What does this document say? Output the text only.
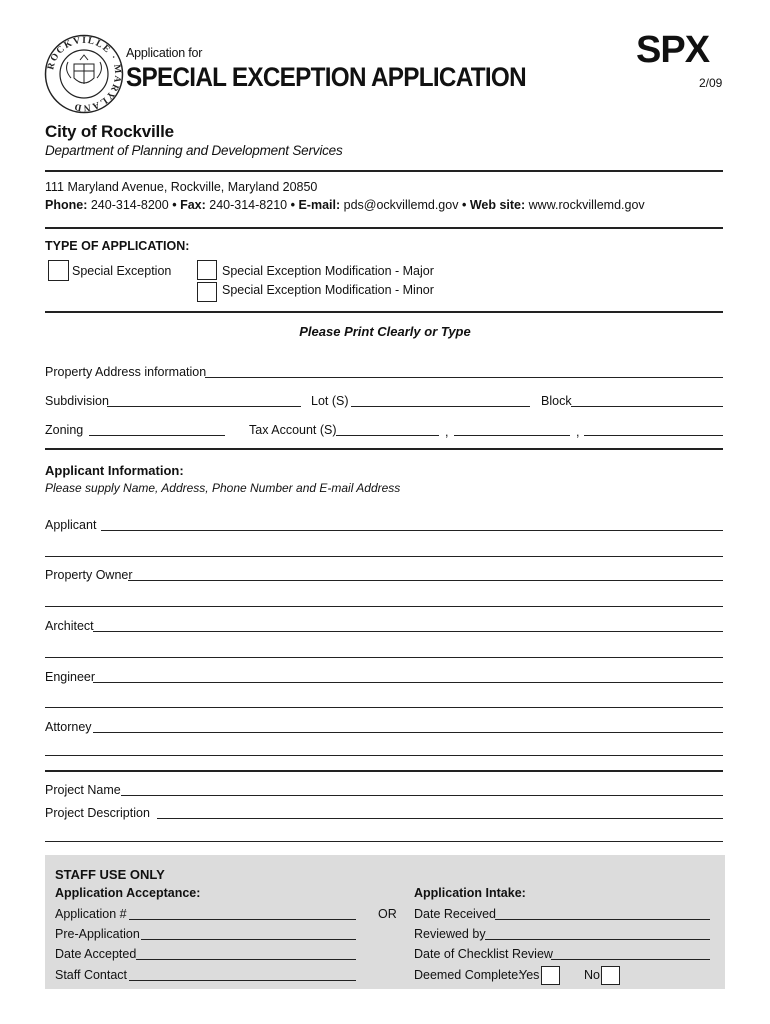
ROCKVILLE · MARYLAND
Application for
SPECIAL EXCEPTION APPLICATION
SPX
2/09
City of Rockville
Department of Planning and Development Services
111 Maryland Avenue, Rockville, Maryland 20850
Phone: 240-314-8200 • Fax: 240-314-8210 • E-mail: pds@ockvillemd.gov • Web site: www.rockvillemd.gov
TYPE OF APPLICATION:
Special Exception	Special Exception Modification - Major
Special Exception Modification - Minor
Please Print Clearly or Type
Property Address information
Subdivision	Lot (S)	Block
Zoning	Tax Account (S)	,	,
Applicant Information:
Please supply Name, Address, Phone Number and E-mail Address
Applicant
Property Owner
Architect
Engineer
Attorney
Project Name
Project Description
STAFF USE ONLY
Application Acceptance:
Application #
Pre-Application
Date Accepted
Staff Contact
OR
Application Intake:
Date Received
Reviewed by
Date of Checklist Review
Deemed Complete:
Yes	No
